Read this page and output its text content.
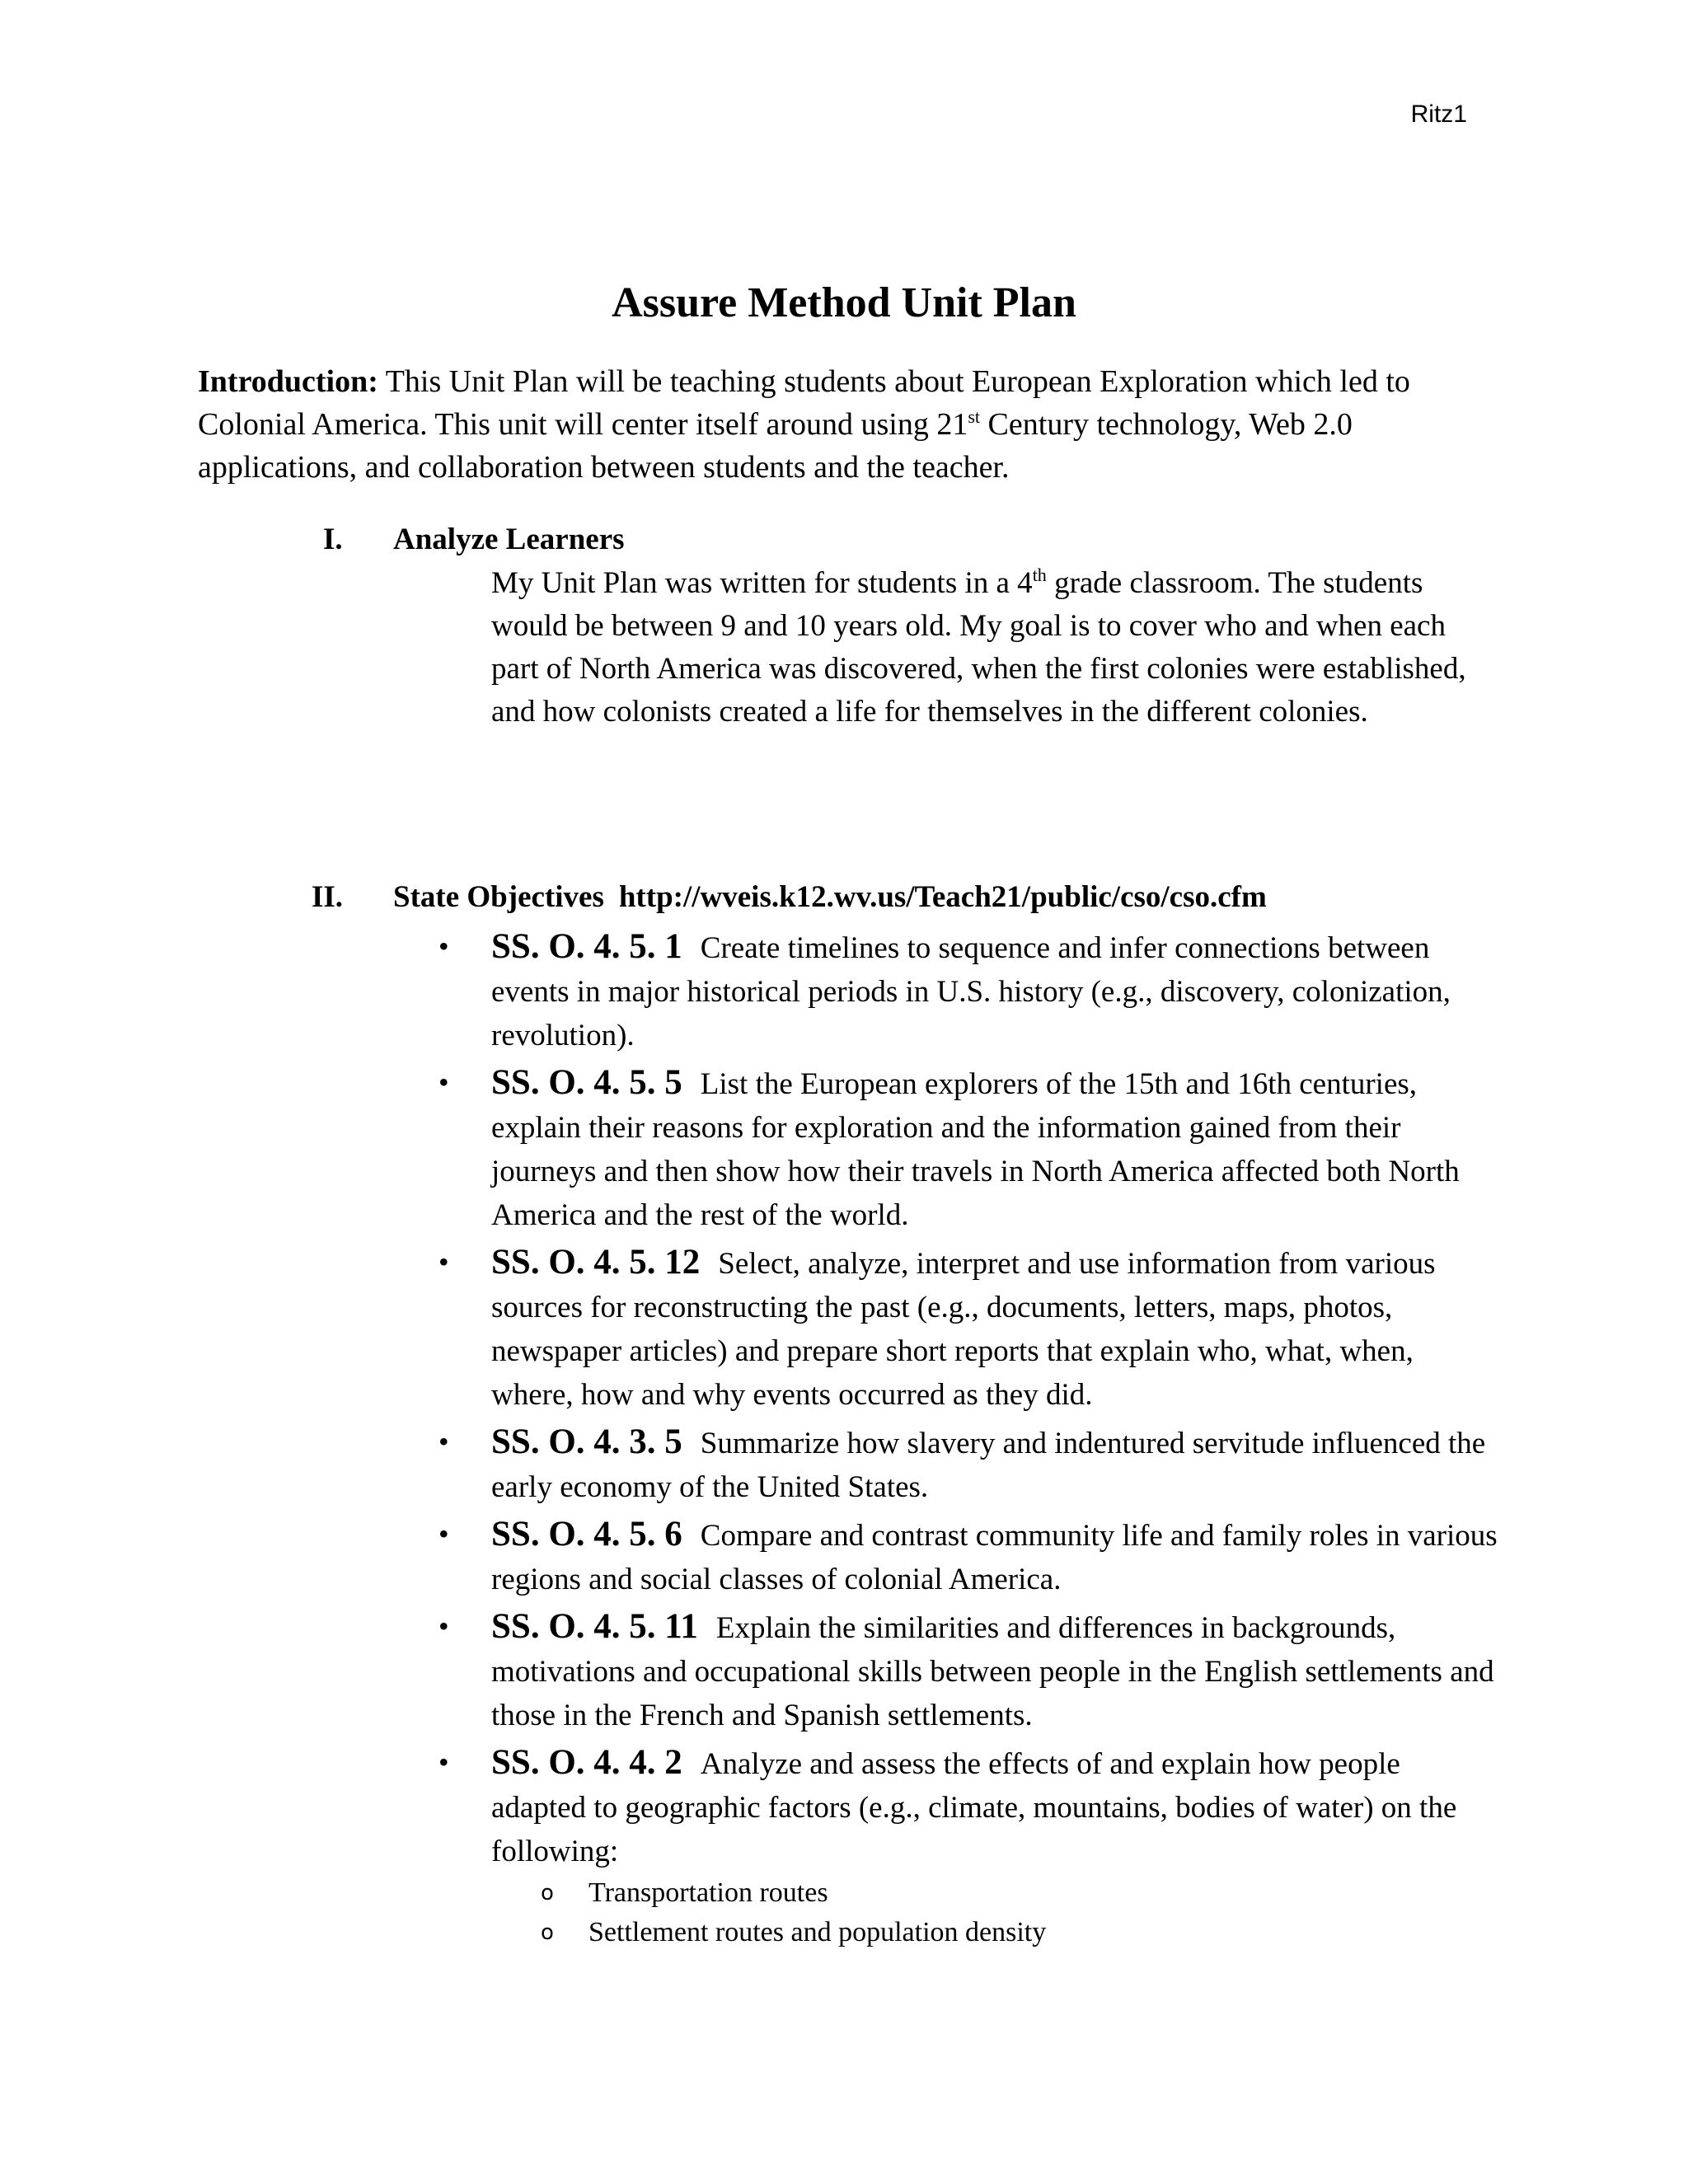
Ritz1
Assure Method Unit Plan
Introduction: This Unit Plan will be teaching students about European Exploration which led to Colonial America. This unit will center itself around using 21st Century technology, Web 2.0 applications, and collaboration between students and the teacher.
I. Analyze Learners
My Unit Plan was written for students in a 4th grade classroom. The students would be between 9 and 10 years old. My goal is to cover who and when each part of North America was discovered, when the first colonies were established, and how colonists created a life for themselves in the different colonies.
II. State Objectives http://wveis.k12.wv.us/Teach21/public/cso/cso.cfm
• SS. O. 4. 5. 1 Create timelines to sequence and infer connections between events in major historical periods in U.S. history (e.g., discovery, colonization, revolution).
• SS. O. 4. 5. 5 List the European explorers of the 15th and 16th centuries, explain their reasons for exploration and the information gained from their journeys and then show how their travels in North America affected both North America and the rest of the world.
• SS. O. 4. 5. 12 Select, analyze, interpret and use information from various sources for reconstructing the past (e.g., documents, letters, maps, photos, newspaper articles) and prepare short reports that explain who, what, when, where, how and why events occurred as they did.
• SS. O. 4. 3. 5 Summarize how slavery and indentured servitude influenced the early economy of the United States.
• SS. O. 4. 5. 6 Compare and contrast community life and family roles in various regions and social classes of colonial America.
• SS. O. 4. 5. 11 Explain the similarities and differences in backgrounds, motivations and occupational skills between people in the English settlements and those in the French and Spanish settlements.
• SS. O. 4. 4. 2 Analyze and assess the effects of and explain how people adapted to geographic factors (e.g., climate, mountains, bodies of water) on the following:
o Transportation routes
o Settlement routes and population density
